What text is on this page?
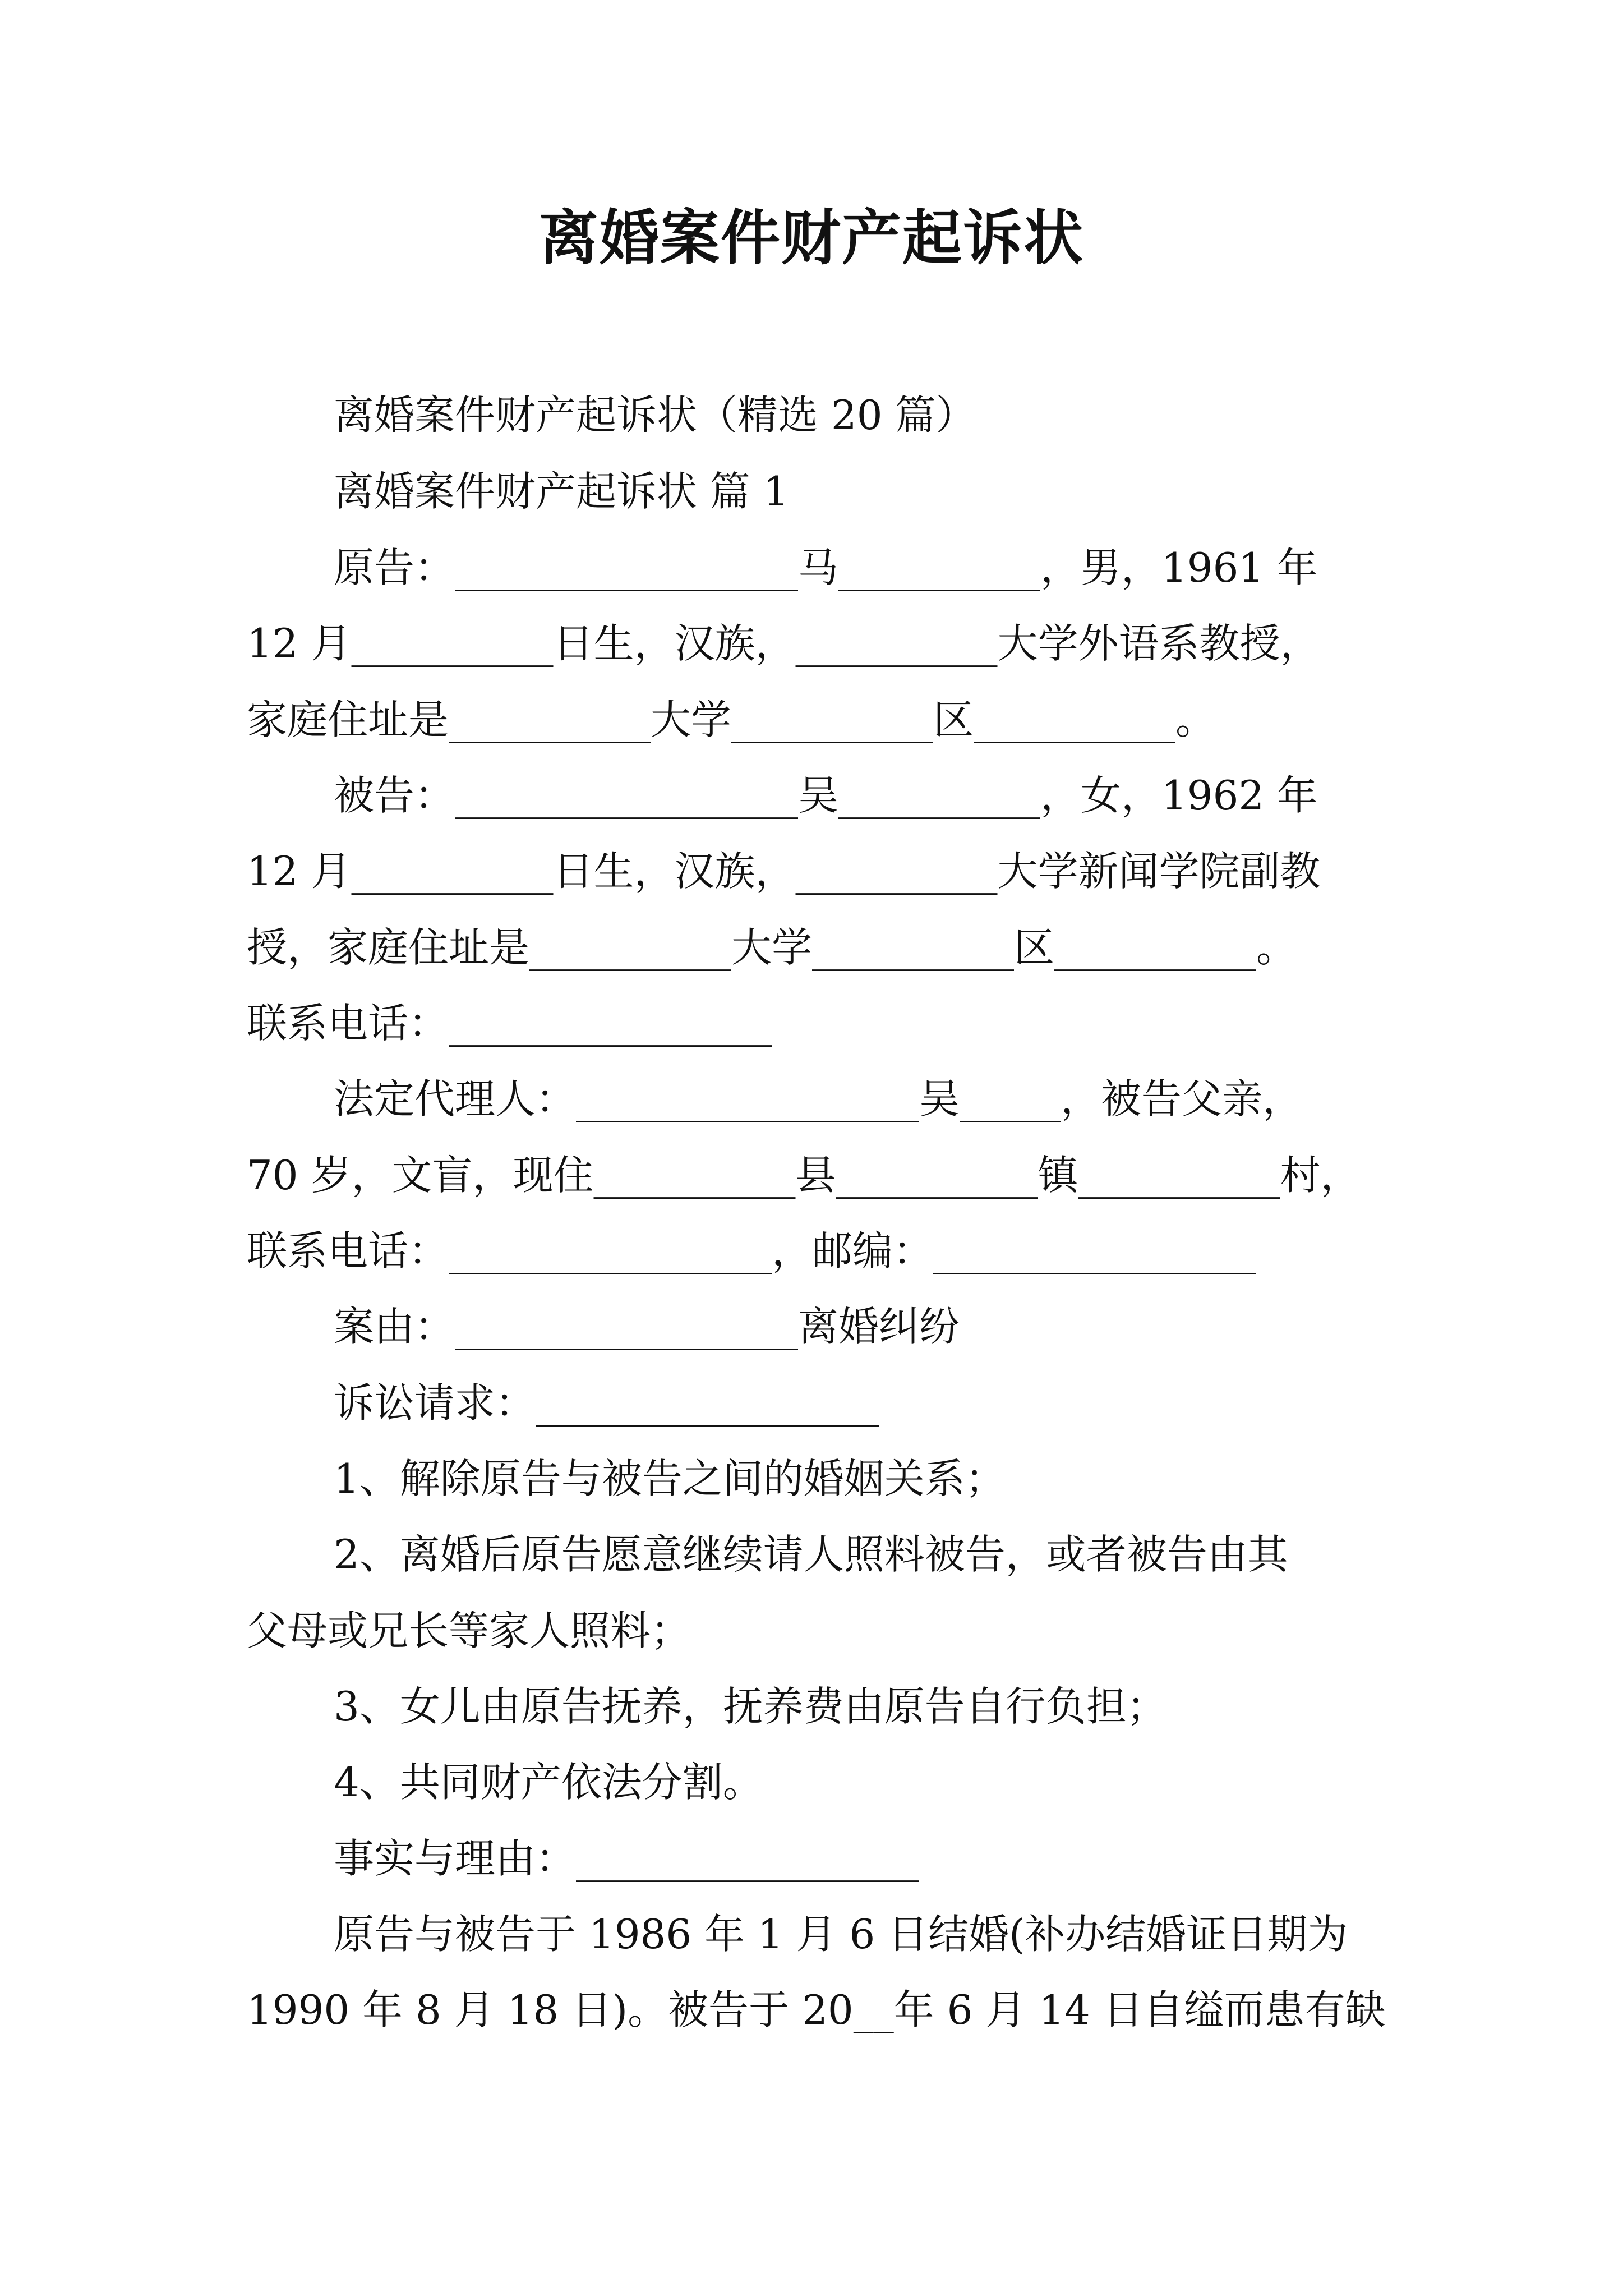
离婚案件财产起诉状
离婚案件财产起诉状（精选 20 篇）
离婚案件财产起诉状 篇 1
原告：_________________马__________，男，1961 年
12 月__________日生，汉族，__________大学外语系教授，
家庭住址是__________大学__________区__________。
被告：_________________吴__________，女，1962 年
12 月__________日生，汉族，__________大学新闻学院副教
授，家庭住址是__________大学__________区__________。
联系电话：________________
法定代理人：_________________吴_____，被告父亲，
70 岁，文盲，现住__________县__________镇__________村，
联系电话：________________，邮编：________________
案由：_________________离婚纠纷
诉讼请求：_________________
1、解除原告与被告之间的婚姻关系；
2、离婚后原告愿意继续请人照料被告，或者被告由其
父母或兄长等家人照料；
3、女儿由原告抚养，抚养费由原告自行负担；
4、共同财产依法分割。
事实与理由：_________________
原告与被告于 1986 年 1 月 6 日结婚(补办结婚证日期为
1990 年 8 月 18 日)。被告于 20__年 6 月 14 日自缢而患有缺
